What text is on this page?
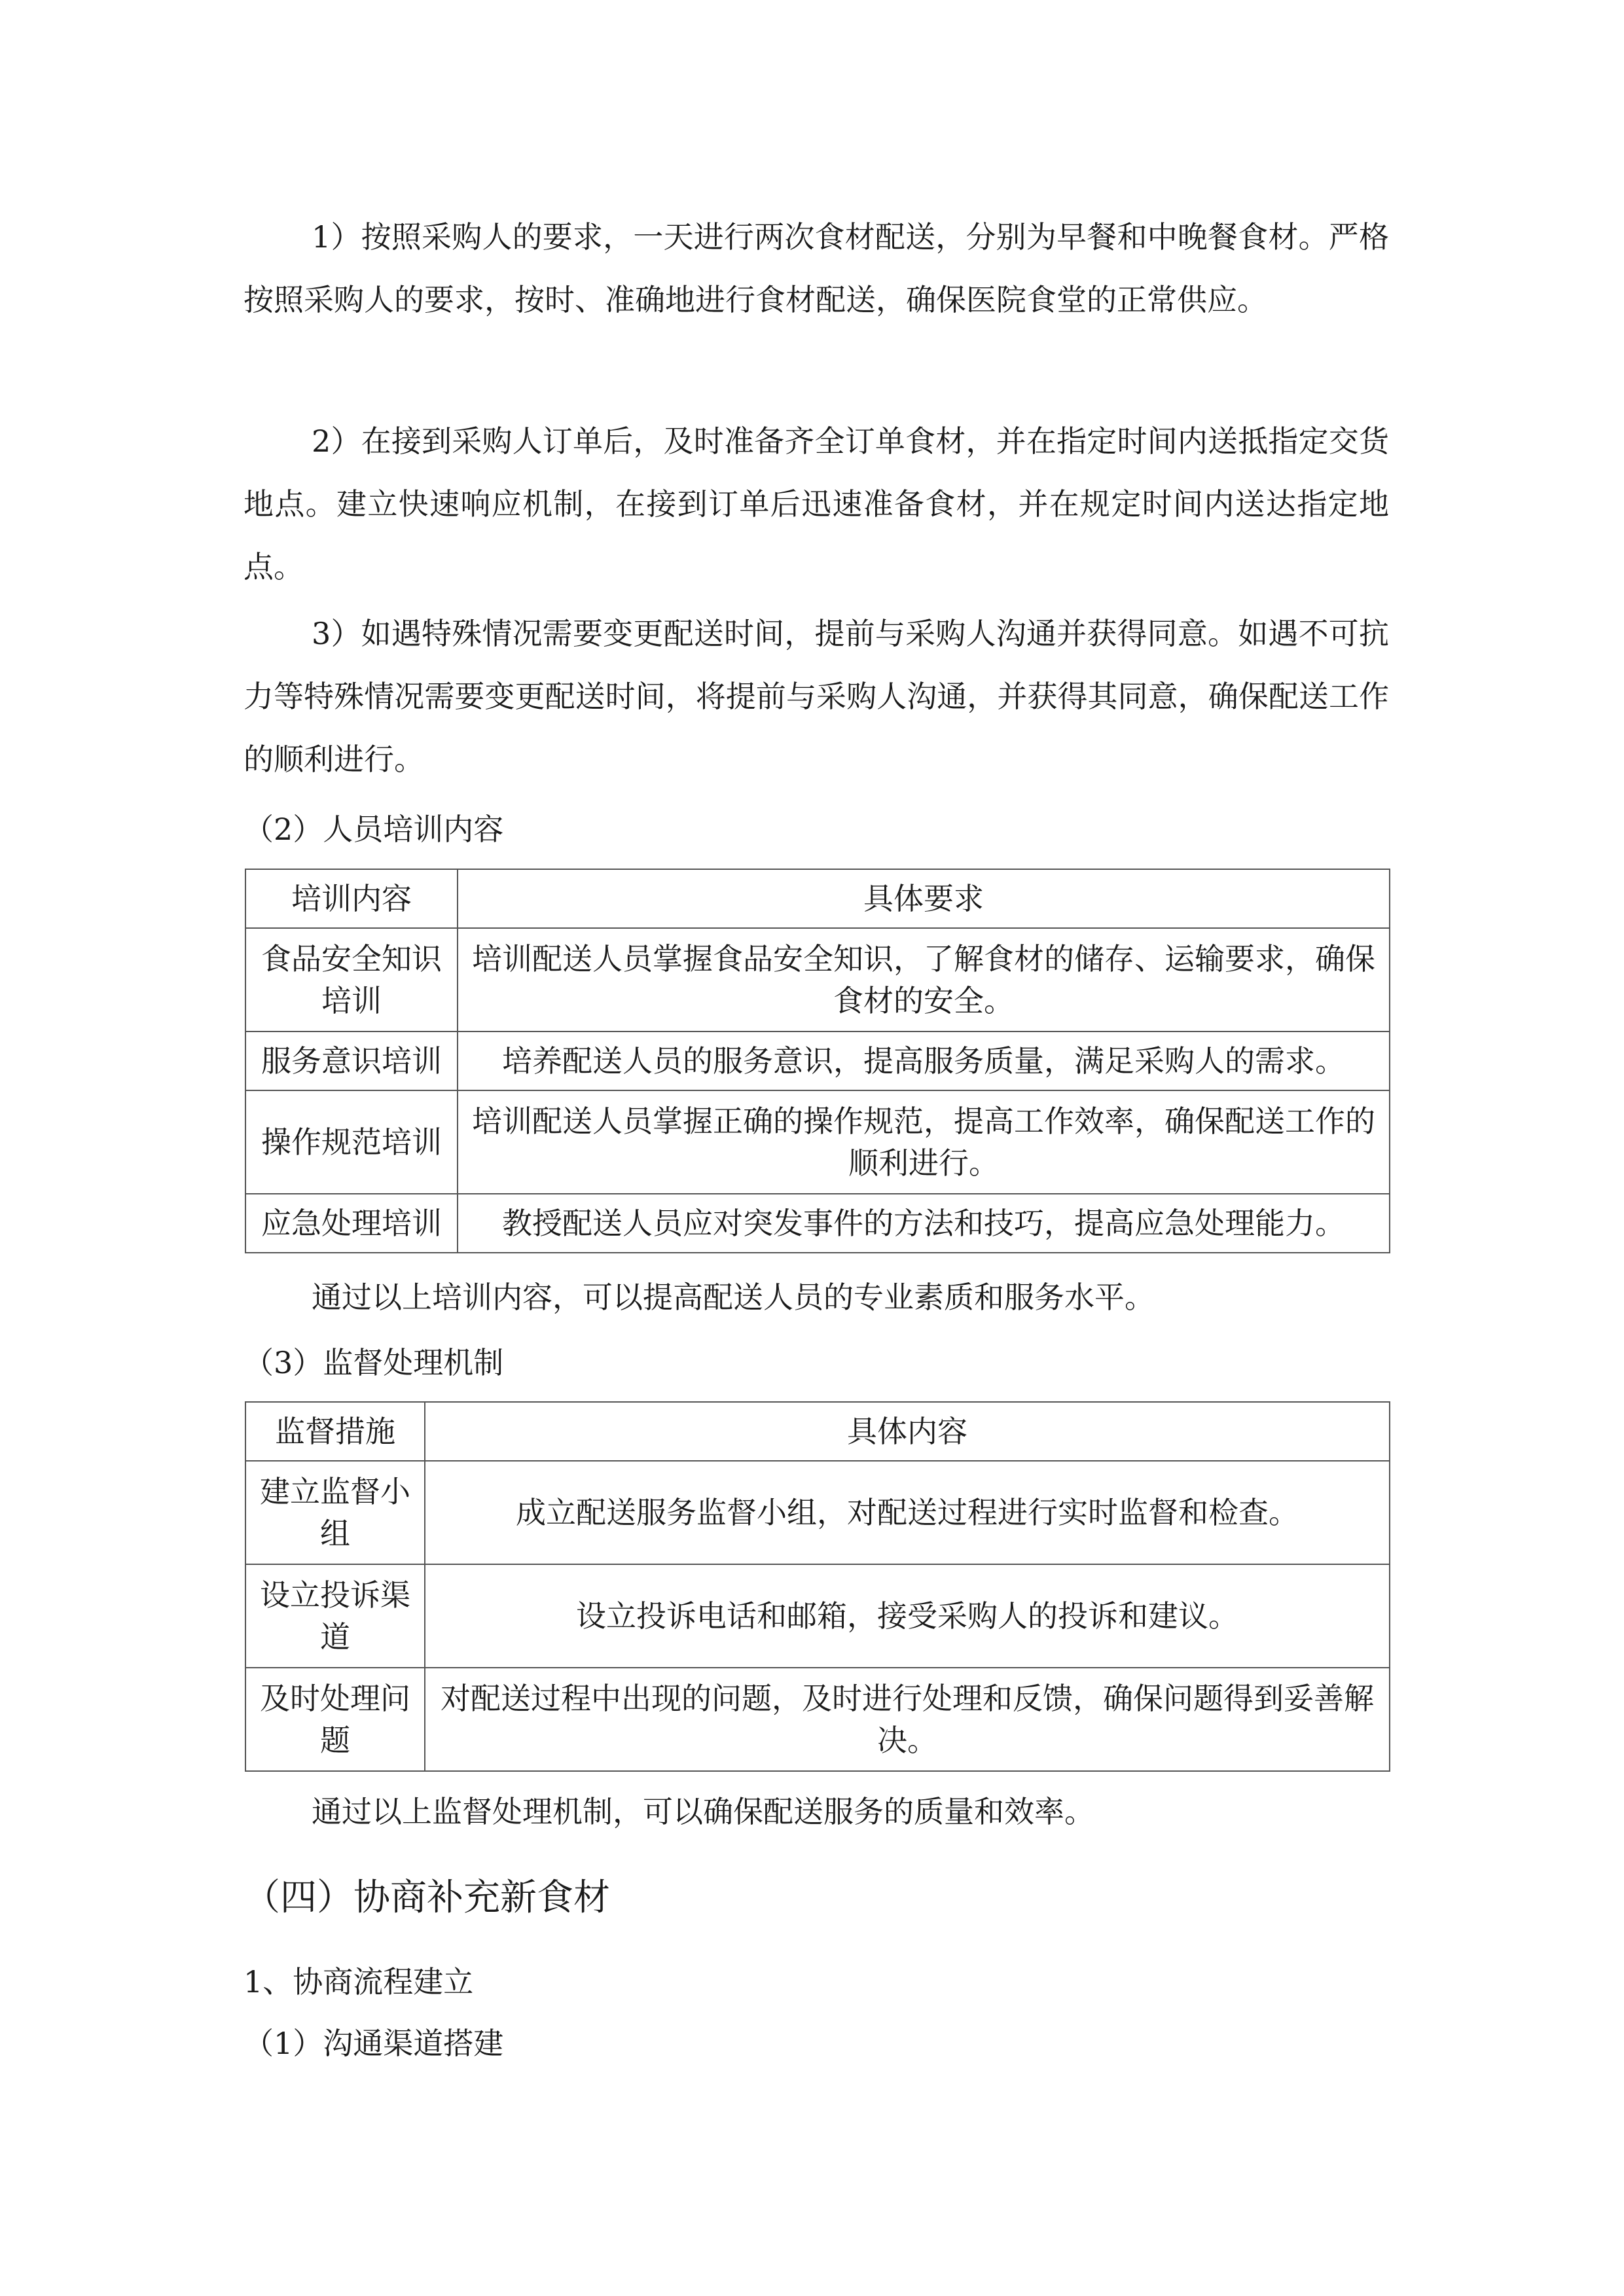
1）按照采购人的要求，一天进行两次食材配送，分别为早餐和中晚餐食材。严格按照采购人的要求，按时、准确地进行食材配送，确保医院食堂的正常供应。

2）在接到采购人订单后，及时准备齐全订单食材，并在指定时间内送抵指定交货地点。建立快速响应机制，在接到订单后迅速准备食材，并在规定时间内送达指定地点。

3）如遇特殊情况需要变更配送时间，提前与采购人沟通并获得同意。如遇不可抗力等特殊情况需要变更配送时间，将提前与采购人沟通，并获得其同意，确保配送工作的顺利进行。

（2）人员培训内容

培训内容	具体要求
食品安全知识培训	培训配送人员掌握食品安全知识，了解食材的储存、运输要求，确保食材的安全。
服务意识培训	培养配送人员的服务意识，提高服务质量，满足采购人的需求。
操作规范培训	培训配送人员掌握正确的操作规范，提高工作效率，确保配送工作的顺利进行。
应急处理培训	教授配送人员应对突发事件的方法和技巧，提高应急处理能力。

通过以上培训内容，可以提高配送人员的专业素质和服务水平。

（3）监督处理机制

监督措施	具体内容
建立监督小组	成立配送服务监督小组，对配送过程进行实时监督和检查。
设立投诉渠道	设立投诉电话和邮箱，接受采购人的投诉和建议。
及时处理问题	对配送过程中出现的问题，及时进行处理和反馈，确保问题得到妥善解决。

通过以上监督处理机制，可以确保配送服务的质量和效率。

（四）协商补充新食材

1、协商流程建立

（1）沟通渠道搭建
